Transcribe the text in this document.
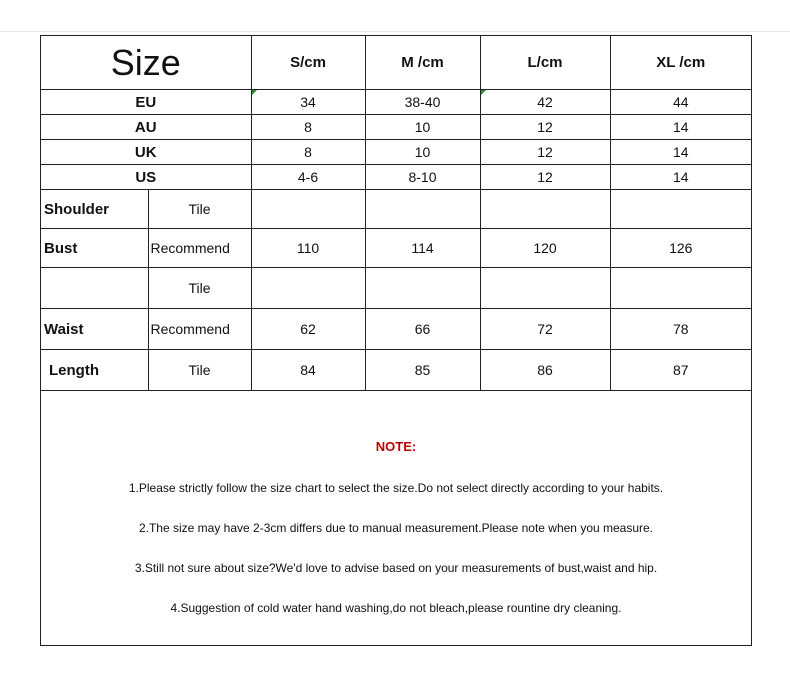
Size		S/cm	M /cm	L/cm	XL /cm
EU		34	38-40	42	44
AU		8	10	12	14
UK		8	10	12	14
US		4-6	8-10	12	14
Shoulder	Tile				
Bust	Recommend	110	114	120	126
	Tile				
Waist	Recommend	62	66	72	78
Length	Tile	84	85	86	87
NOTE:
1.Please strictly follow the size chart to select the size.Do not select directly according to your habits.
2.The size may have 2-3cm differs due to manual measurement.Please note when you measure.
3.Still not sure about size?We'd love to advise based on your measurements of bust,waist and hip.
4.Suggestion of cold water hand washing,do not bleach,please rountine dry cleaning.
